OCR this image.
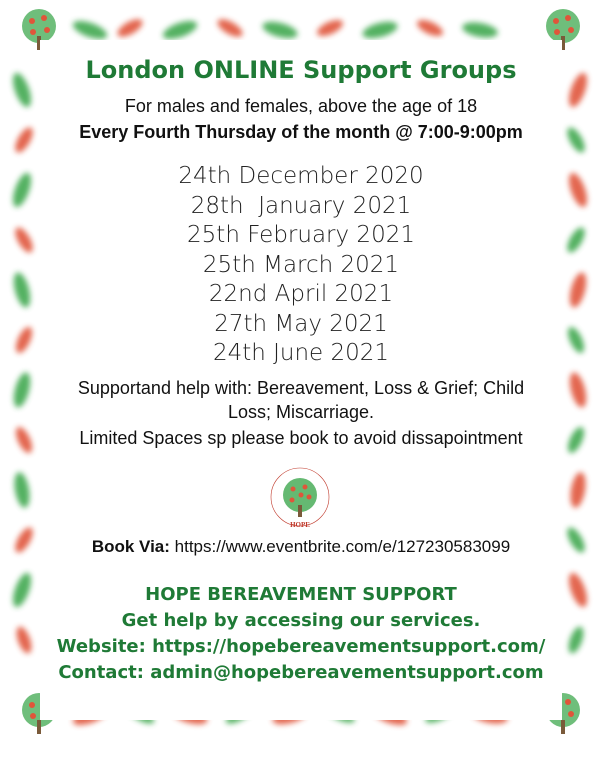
London ONLINE Support Groups
For males and females, above the age of 18
Every Fourth Thursday of the month @ 7:00-9:00pm
24th December 2020
28th  January 2021
25th February 2021
25th March 2021
22nd April 2021
27th May 2021
24th June 2021
Supportand help with: Bereavement, Loss & Grief; Child Loss; Miscarriage.
Limited Spaces sp please book to avoid dissapointment
HOPE
Book Via: https://www.eventbrite.com/e/127230583099
HOPE BEREAVEMENT SUPPORT
Get help by accessing our services.
Website: https://hopebereavementsupport.com/
Contact: admin@hopebereavementsupport.com
